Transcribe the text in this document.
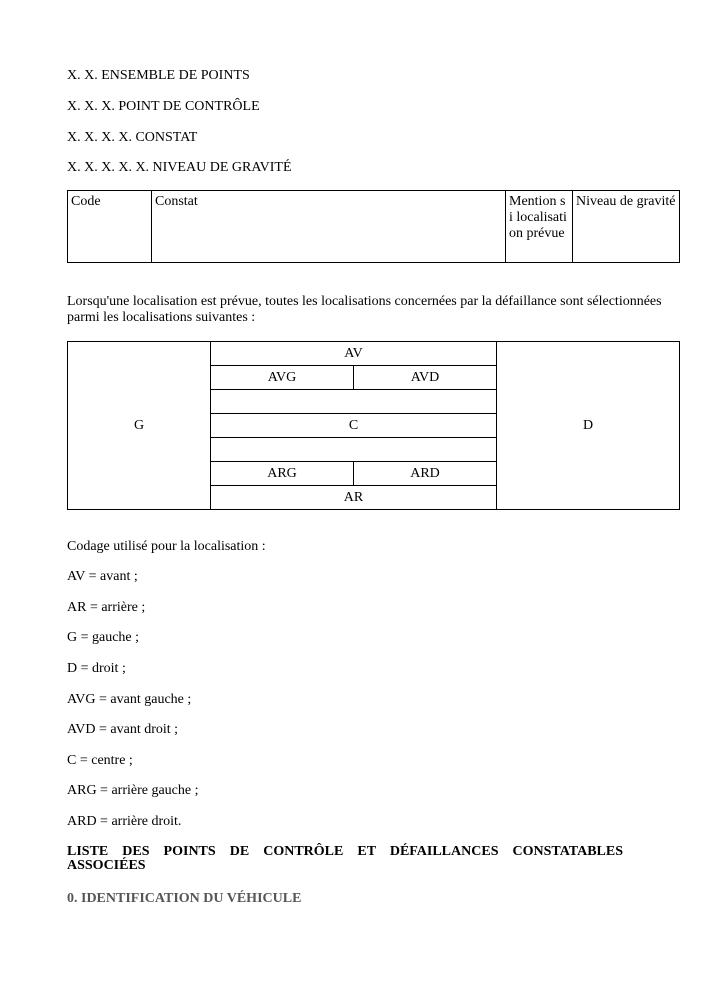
X. X. ENSEMBLE DE POINTS

X. X. X. POINT DE CONTRÔLE

X. X. X. X. CONSTAT

X. X. X. X. X. NIVEAU DE GRAVITÉ

Code	Constat	Mention si localisation prévue	Niveau de gravité

Lorsqu'une localisation est prévue, toutes les localisations concernées par la défaillance sont sélectionnées parmi les localisations suivantes :

G	AV		D
	AVG	AVD	

	C		

	ARG	ARD	
	AR		

Codage utilisé pour la localisation :

AV = avant ;

AR = arrière ;

G = gauche ;

D = droit ;

AVG = avant gauche ;

AVD = avant droit ;

C = centre ;

ARG = arrière gauche ;

ARD = arrière droit.

LISTE DES POINTS DE CONTRÔLE ET DÉFAILLANCES CONSTATABLES

ASSOCIÉES

0. IDENTIFICATION DU VÉHICULE
